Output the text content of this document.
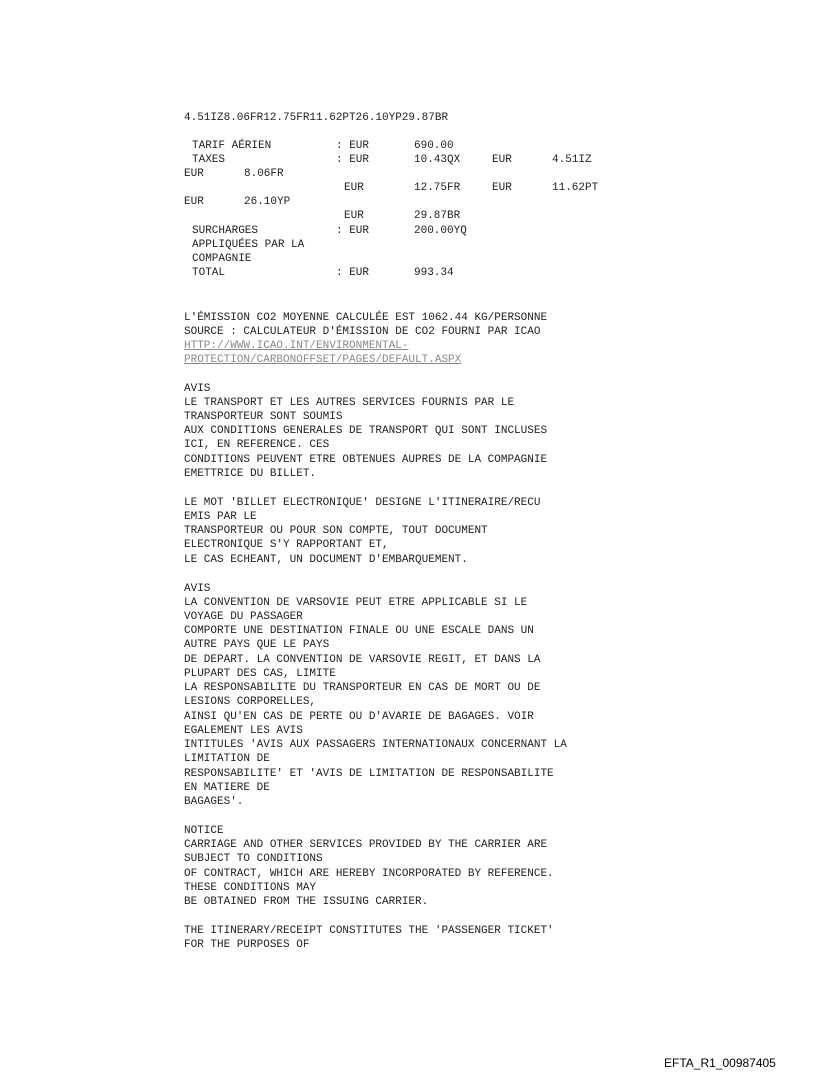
4.51IZ8.06FR12.75FR11.62PT26.10YP29.87BR
TARIF AÉRIEN	: EUR	690.00
TAXES	: EUR	10.43QX	EUR	4.51IZ
EUR	8.06FR
EUR	12.75FR	EUR	11.62PT
EUR	26.10YP
EUR	29.87BR
SURCHARGES	: EUR	200.00YQ
APPLIQUÉES PAR LA
COMPAGNIE
TOTAL	: EUR	993.34
L'ÉMISSION CO2 MOYENNE CALCULÉE EST 1062.44 KG/PERSONNE
SOURCE : CALCULATEUR D'ÉMISSION DE CO2 FOURNI PAR ICAO
HTTP://WWW.ICAO.INT/ENVIRONMENTAL-
PROTECTION/CARBONOFFSET/PAGES/DEFAULT.ASPX
AVIS
LE TRANSPORT ET LES AUTRES SERVICES FOURNIS PAR LE
TRANSPORTEUR SONT SOUMIS
AUX CONDITIONS GENERALES DE TRANSPORT QUI SONT INCLUSES
ICI, EN REFERENCE. CES
CONDITIONS PEUVENT ETRE OBTENUES AUPRES DE LA COMPAGNIE
EMETTRICE DU BILLET.
LE MOT 'BILLET ELECTRONIQUE' DESIGNE L'ITINERAIRE/RECU
EMIS PAR LE
TRANSPORTEUR OU POUR SON COMPTE, TOUT DOCUMENT
ELECTRONIQUE S'Y RAPPORTANT ET,
LE CAS ECHEANT, UN DOCUMENT D'EMBARQUEMENT.
AVIS
LA CONVENTION DE VARSOVIE PEUT ETRE APPLICABLE SI LE
VOYAGE DU PASSAGER
COMPORTE UNE DESTINATION FINALE OU UNE ESCALE DANS UN
AUTRE PAYS QUE LE PAYS
DE DEPART. LA CONVENTION DE VARSOVIE REGIT, ET DANS LA
PLUPART DES CAS, LIMITE
LA RESPONSABILITE DU TRANSPORTEUR EN CAS DE MORT OU DE
LESIONS CORPORELLES,
AINSI QU'EN CAS DE PERTE OU D'AVARIE DE BAGAGES. VOIR
EGALEMENT LES AVIS
INTITULES 'AVIS AUX PASSAGERS INTERNATIONAUX CONCERNANT LA
LIMITATION DE
RESPONSABILITE' ET 'AVIS DE LIMITATION DE RESPONSABILITE
EN MATIERE DE
BAGAGES'.
NOTICE
CARRIAGE AND OTHER SERVICES PROVIDED BY THE CARRIER ARE
SUBJECT TO CONDITIONS
OF CONTRACT, WHICH ARE HEREBY INCORPORATED BY REFERENCE.
THESE CONDITIONS MAY
BE OBTAINED FROM THE ISSUING CARRIER.
THE ITINERARY/RECEIPT CONSTITUTES THE 'PASSENGER TICKET'
FOR THE PURPOSES OF
EFTA_R1_00987405
